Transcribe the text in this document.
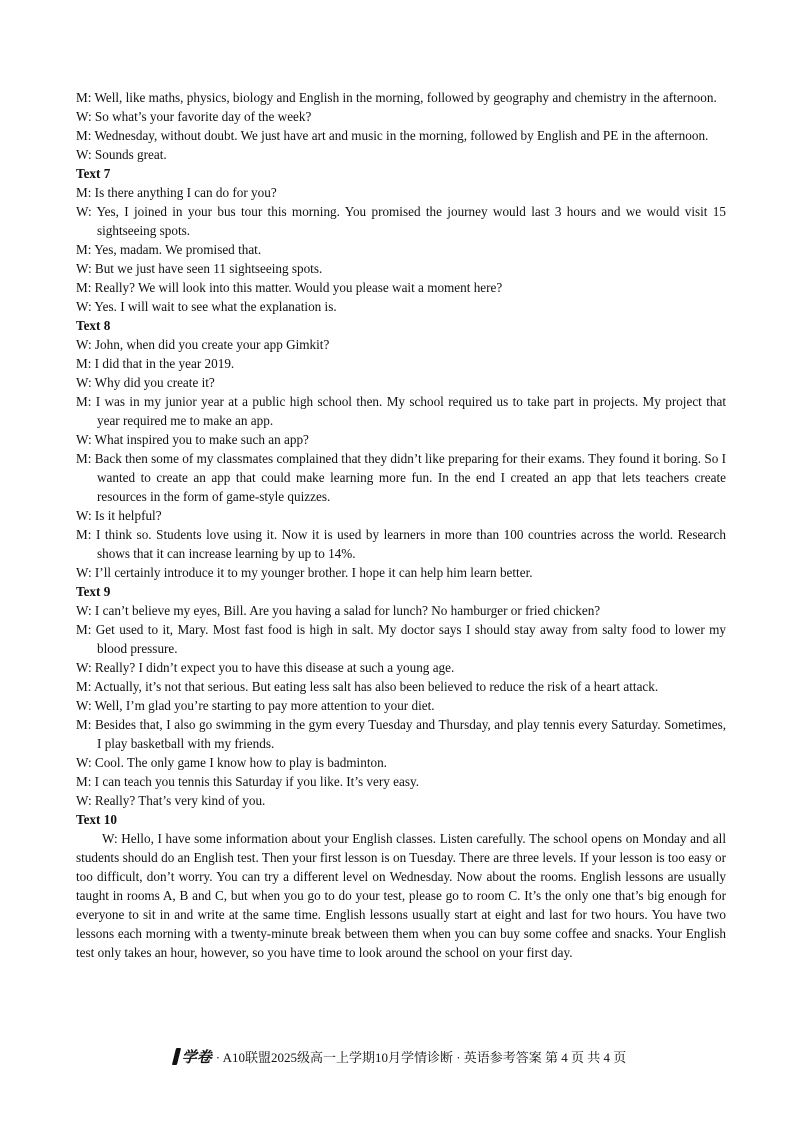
M: Well, like maths, physics, biology and English in the morning, followed by geography and chemistry in the afternoon.

W: So what’s your favorite day of the week?

M: Wednesday, without doubt. We just have art and music in the morning, followed by English and PE in the afternoon.

W: Sounds great.

Text 7

M: Is there anything I can do for you?

W: Yes, I joined in your bus tour this morning. You promised the journey would last 3 hours and we would visit 15 sightseeing spots.

M: Yes, madam. We promised that.

W: But we just have seen 11 sightseeing spots.

M: Really? We will look into this matter. Would you please wait a moment here?

W: Yes. I will wait to see what the explanation is.

Text 8

W: John, when did you create your app Gimkit?

M: I did that in the year 2019.

W: Why did you create it?

M: I was in my junior year at a public high school then. My school required us to take part in projects. My project that year required me to make an app.

W: What inspired you to make such an app?

M: Back then some of my classmates complained that they didn’t like preparing for their exams. They found it boring. So I wanted to create an app that could make learning more fun. In the end I created an app that lets teachers create resources in the form of game-style quizzes.

W: Is it helpful?

M: I think so. Students love using it. Now it is used by learners in more than 100 countries across the world. Research shows that it can increase learning by up to 14%.

W: I’ll certainly introduce it to my younger brother. I hope it can help him learn better.

Text 9

W: I can’t believe my eyes, Bill. Are you having a salad for lunch? No hamburger or fried chicken?

M: Get used to it, Mary. Most fast food is high in salt. My doctor says I should stay away from salty food to lower my blood pressure.

W: Really? I didn’t expect you to have this disease at such a young age.

M: Actually, it’s not that serious. But eating less salt has also been believed to reduce the risk of a heart attack.

W: Well, I’m glad you’re starting to pay more attention to your diet.

M: Besides that, I also go swimming in the gym every Tuesday and Thursday, and play tennis every Saturday. Sometimes, I play basketball with my friends.

W: Cool. The only game I know how to play is badminton.

M: I can teach you tennis this Saturday if you like. It’s very easy.

W: Really? That’s very kind of you.

Text 10

W: Hello, I have some information about your English classes. Listen carefully. The school opens on Monday and all students should do an English test. Then your first lesson is on Tuesday. There are three levels. If your lesson is too easy or too difficult, don’t worry. You can try a different level on Wednesday. Now about the rooms. English lessons are usually taught in rooms A, B and C, but when you go to do your test, please go to room C. It’s the only one that’s big enough for everyone to sit in and write at the same time. English lessons usually start at eight and last for two hours. You have two lessons each morning with a twenty-minute break between them when you can buy some coffee and snacks. Your English test only takes an hour, however, so you have time to look around the school on your first day.

学卷 · A10联盟2025级高一上学期10月学情诊断 · 英语参考答案 第 4 页 共 4 页
